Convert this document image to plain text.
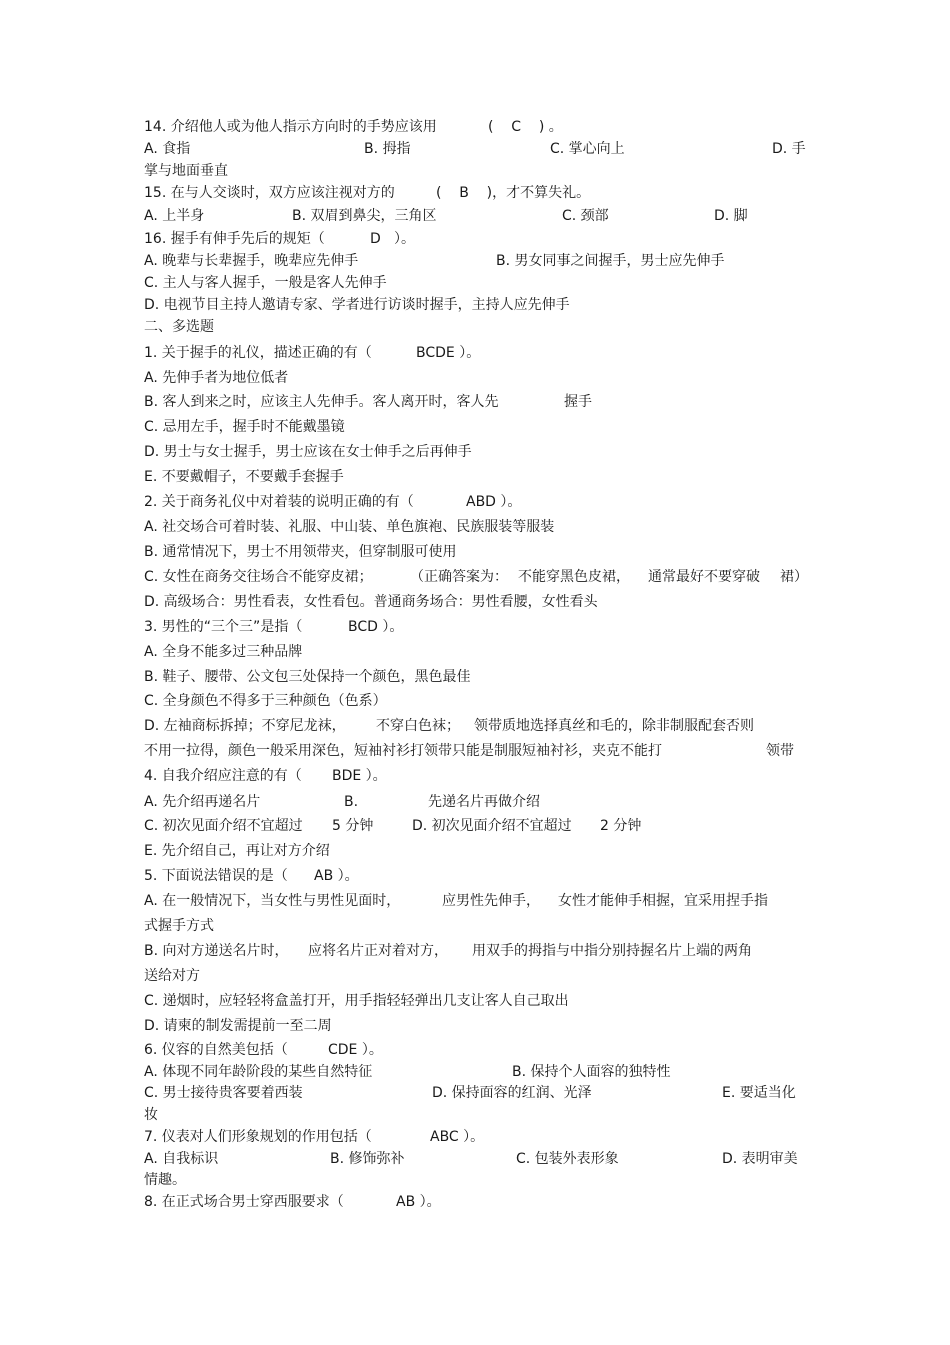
14. 介绍他人或为他人指示方向时的手势应该用

	(    C    ) 。

A. 食指

	B. 拇指

	C. 掌心向上

	D. 手

掌与地面垂直

15. 在与人交谈时，双方应该注视对方的

	(    B    )，才不算失礼。

A. 上半身

	B. 双眉到鼻尖，三角区

	C. 颈部

	D. 脚

16. 握手有伸手先后的规矩（

	D

）。

A. 晚辈与长辈握手，晚辈应先伸手

	B. 男女同事之间握手，男士应先伸手

C. 主人与客人握手，一般是客人先伸手

D. 电视节目主持人邀请专家、学者进行访谈时握手，主持人应先伸手

二、多选题

1. 关于握手的礼仪，描述正确的有（

	BCDE ）。

A. 先伸手者为地位低者

B. 客人到来之时，应该主人先伸手。客人离开时，客人先

	握手

C. 忌用左手，握手时不能戴墨镜
D. 男士与女士握手，男士应该在女士伸手之后再伸手
E. 不要戴帽子，不要戴手套握手

2. 关于商务礼仪中对着装的说明正确的有（

	ABD ）。

A. 社交场合可着时装、礼服、中山装、单色旗袍、民族服装等服装
B. 通常情况下，男士不用领带夹，但穿制服可使用

C. 女性在商务交往场合不能穿皮裙；

	（正确答案为：

不能穿黑色皮裙，

通常最好不要穿破

裙）

D. 高级场合：男性看表，女性看包。普通商务场合：男性看腰，女性看头

3. 男性的“三个三”是指（

	BCD ）。

A. 全身不能多过三种品牌
B. 鞋子、腰带、公文包三处保持一个颜色，黑色最佳
C. 全身颜色不得多于三种颜色（色系）

D. 左袖商标拆掉；不穿尼龙袜，

不穿白色袜；

领带质地选择真丝和毛的，除非制服配套否则

不用一拉得，颜色一般采用深色，短袖衬衫打领带只能是制服短袖衬衫，夹克不能打

	领带

4. 自我介绍应注意的有（

BDE ）。

A. 先介绍再递名片

	B.

	先递名片再做介绍

C. 初次见面介绍不宜超过

5 分钟

	D. 初次见面介绍不宜超过

2 分钟

E. 先介绍自己，再让对方介绍

5. 下面说法错误的是（

AB ）。

A. 在一般情况下，当女性与男性见面时，

	应男性先伸手，

女性才能伸手相握，宜采用捏手指

式握手方式

B. 向对方递送名片时，

应将名片正对着对方，

用双手的拇指与中指分别持握名片上端的两角

送给对方
C. 递烟时，应轻轻将盒盖打开，用手指轻轻弹出几支让客人自己取出
D. 请柬的制发需提前一至二周

6. 仪容的自然美包括（

	CDE ）。

A. 体现不同年龄阶段的某些自然特征

	B. 保持个人面容的独特性

C. 男士接待贵客要着西装

	D. 保持面容的红润、光泽

	E. 要适当化

妆

7. 仪表对人们形象规划的作用包括（

	ABC ）。

A. 自我标识

	B. 修饰弥补

	C. 包装外表形象

	D. 表明审美

情趣。

8. 在正式场合男士穿西服要求（

	AB ）。
